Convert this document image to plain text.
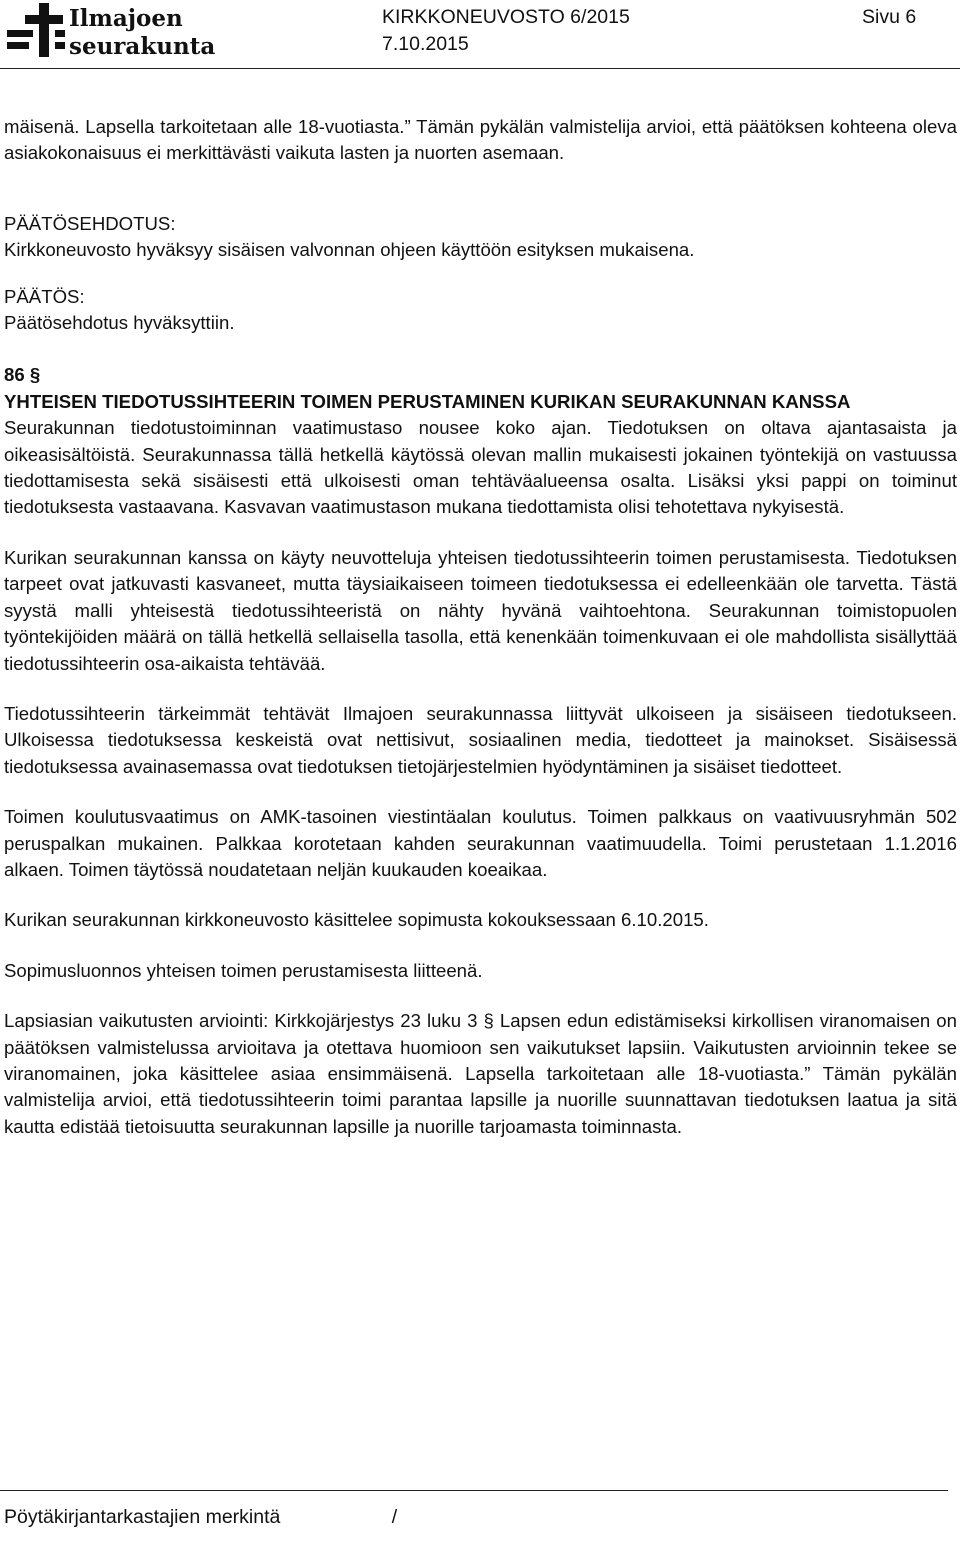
Ilmajoen
seurakunta
KIRKKONEUVOSTO 6/2015
7.10.2015
Sivu 6

mäisenä. Lapsella tarkoitetaan alle 18-vuotiasta.” Tämän pykälän valmistelija arvioi, että päätöksen kohteena oleva asiakokonaisuus ei merkittävästi vaikuta lasten ja nuorten asemaan.

PÄÄTÖSEHDOTUS:

Kirkkoneuvosto hyväksyy sisäisen valvonnan ohjeen käyttöön esityksen mukaisena.

PÄÄTÖS:

Päätösehdotus hyväksyttiin.

86 §

YHTEISEN TIEDOTUSSIHTEERIN TOIMEN PERUSTAMINEN KURIKAN SEURAKUNNAN KANSSA

Seurakunnan tiedotustoiminnan vaatimustaso nousee koko ajan. Tiedotuksen on oltava ajantasaista ja oikeasisältöistä. Seurakunnassa tällä hetkellä käytössä olevan mallin mukaisesti jokainen työntekijä on vastuussa tiedottamisesta sekä sisäisesti että ulkoisesti oman tehtäväalueensa osalta. Lisäksi yksi pappi on toiminut tiedotuksesta vastaavana. Kasvavan vaatimustason mukana tiedottamista olisi tehotettava nykyisestä.

Kurikan seurakunnan kanssa on käyty neuvotteluja yhteisen tiedotussihteerin toimen perustamisesta. Tiedotuksen tarpeet ovat jatkuvasti kasvaneet, mutta täysiaikaiseen toimeen tiedotuksessa ei edelleenkään ole tarvetta. Tästä syystä malli yhteisestä tiedotussihteeristä on nähty hyvänä vaihtoehtona. Seurakunnan toimistopuolen työntekijöiden määrä on tällä hetkellä sellaisella tasolla, että kenenkään toimenkuvaan ei ole mahdollista sisällyttää tiedotussihteerin osa-aikaista tehtävää.

Tiedotussihteerin tärkeimmät tehtävät Ilmajoen seurakunnassa liittyvät ulkoiseen ja sisäiseen tiedotukseen. Ulkoisessa tiedotuksessa keskeistä ovat nettisivut, sosiaalinen media, tiedotteet ja mainokset. Sisäisessä tiedotuksessa avainasemassa ovat tiedotuksen tietojärjestelmien hyödyntäminen ja sisäiset tiedotteet.

Toimen koulutusvaatimus on AMK-tasoinen viestintäalan koulutus. Toimen palkkaus on vaativuusryhmän 502 peruspalkan mukainen. Palkkaa korotetaan kahden seurakunnan vaatimuudella. Toimi perustetaan 1.1.2016 alkaen. Toimen täytössä noudatetaan neljän kuukauden koeaikaa.

Kurikan seurakunnan kirkkoneuvosto käsittelee sopimusta kokouksessaan 6.10.2015.

Sopimusluonnos yhteisen toimen perustamisesta liitteenä.

Lapsiasian vaikutusten arviointi: Kirkkojärjestys 23 luku 3 § Lapsen edun edistämiseksi kirkollisen viranomaisen on päätöksen valmistelussa arvioitava ja otettava huomioon sen vaikutukset lapsiin. Vaikutusten arvioinnin tekee se viranomainen, joka käsittelee asiaa ensimmäisenä. Lapsella tarkoitetaan alle 18-vuotiasta.” Tämän pykälän valmistelija arvioi, että tiedotussihteerin toimi parantaa lapsille ja nuorille suunnattavan tiedotuksen laatua ja sitä kautta edistää tietoisuutta seurakunnan lapsille ja nuorille tarjoamasta toiminnasta.

Pöytäkirjantarkastajien merkintä	/
